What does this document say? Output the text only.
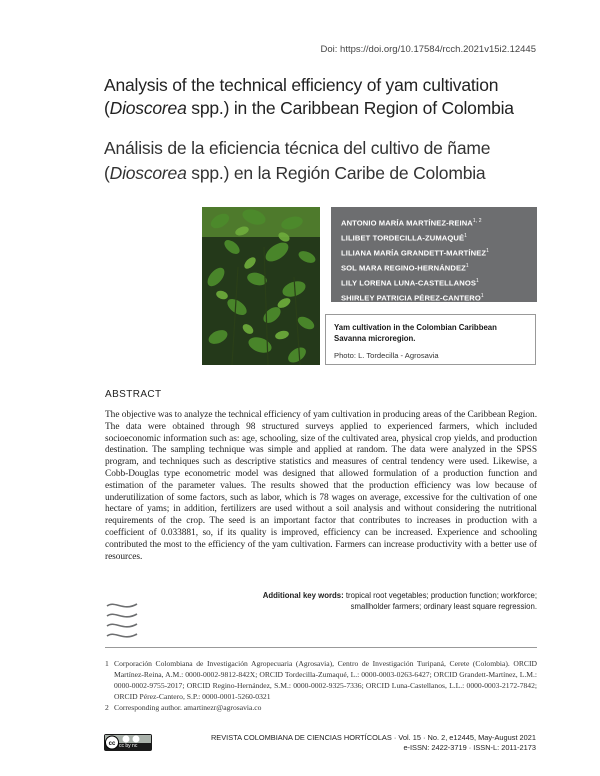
Doi: https://doi.org/10.17584/rcch.2021v15i2.12445
Analysis of the technical efficiency of yam cultivation (Dioscorea spp.) in the Caribbean Region of Colombia
Análisis de la eficiencia técnica del cultivo de ñame (Dioscorea spp.) en la Región Caribe de Colombia
ANTONIO MARÍA MARTÍNEZ-REINA$^{1, 2}$
LILIBET TORDECILLA-ZUMAQUÉ$^1$
LILIANA MARÍA GRANDETT-MARTÍNEZ$^1$
SOL MARA REGINO-HERNÁNDEZ$^1$
LILY LORENA LUNA-CASTELLANOS$^1$
SHIRLEY PATRICIA PÉREZ-CANTERO$^1$
Yam cultivation in the Colombian Caribbean Savanna microregion.
Photo: L. Tordecilla - Agrosavia
ABSTRACT
The objective was to analyze the technical efficiency of yam cultivation in producing areas of the Caribbean Region. The data were obtained through 98 structured surveys applied to experienced farmers, which included socioeconomic information such as: age, schooling, size of the cultivated area, physical crop yields, and production destination. The sampling technique was simple and applied at random. The data were analyzed in the SPSS program, and techniques such as descriptive statistics and measures of central tendency were used. Likewise, a Cobb-Douglas type econometric model was designed that allowed formulation of a production function and estimation of the parameter values. The results showed that the production efficiency was low because of underutilization of some factors, such as labor, which is 78 wages on average, excessive for the cultivation of one hectare of yams; in addition, fertilizers are used without a soil analysis and without considering the nutritional requirements of the crop. The seed is an important factor that contributes to increases in production with a coefficient of 0.033881, so, if its quality is improved, efficiency can be increased. Experience and schooling contributed the most to the efficiency of the yam cultivation. Farmers can increase productivity with a better use of resources.
Additional key words: tropical root vegetables; production function; workforce;
smallholder farmers; ordinary least square regression.
1 Corporación Colombiana de Investigación Agropecuaria (Agrosavia), Centro de Investigación Turipaná, Cerete (Colombia). ORCID Martínez-Reina, A.M.: 0000-0002-9812-842X; ORCID Tordecilla-Zumaqué, L.: 0000-0003-0263-6427; ORCID Grandett-Martínez, L.M.: 0000-0002-9755-2017; ORCID Regino-Hernández, S.M.: 0000-0002-9325-7336; ORCID Luna-Castellanos, L.L.: 0000-0003-2172-7842; ORCID Pérez-Cantero, S.P.: 0000-0001-5260-0321
2 Corresponding author. amartinezr@agrosavia.co
cc cc by nc
REVISTA COLOMBIANA DE CIENCIAS HORTÍCOLAS · Vol. 15 · No. 2, e12445, May-August 2021
e-ISSN: 2422-3719 · ISSN-L: 2011-2173
